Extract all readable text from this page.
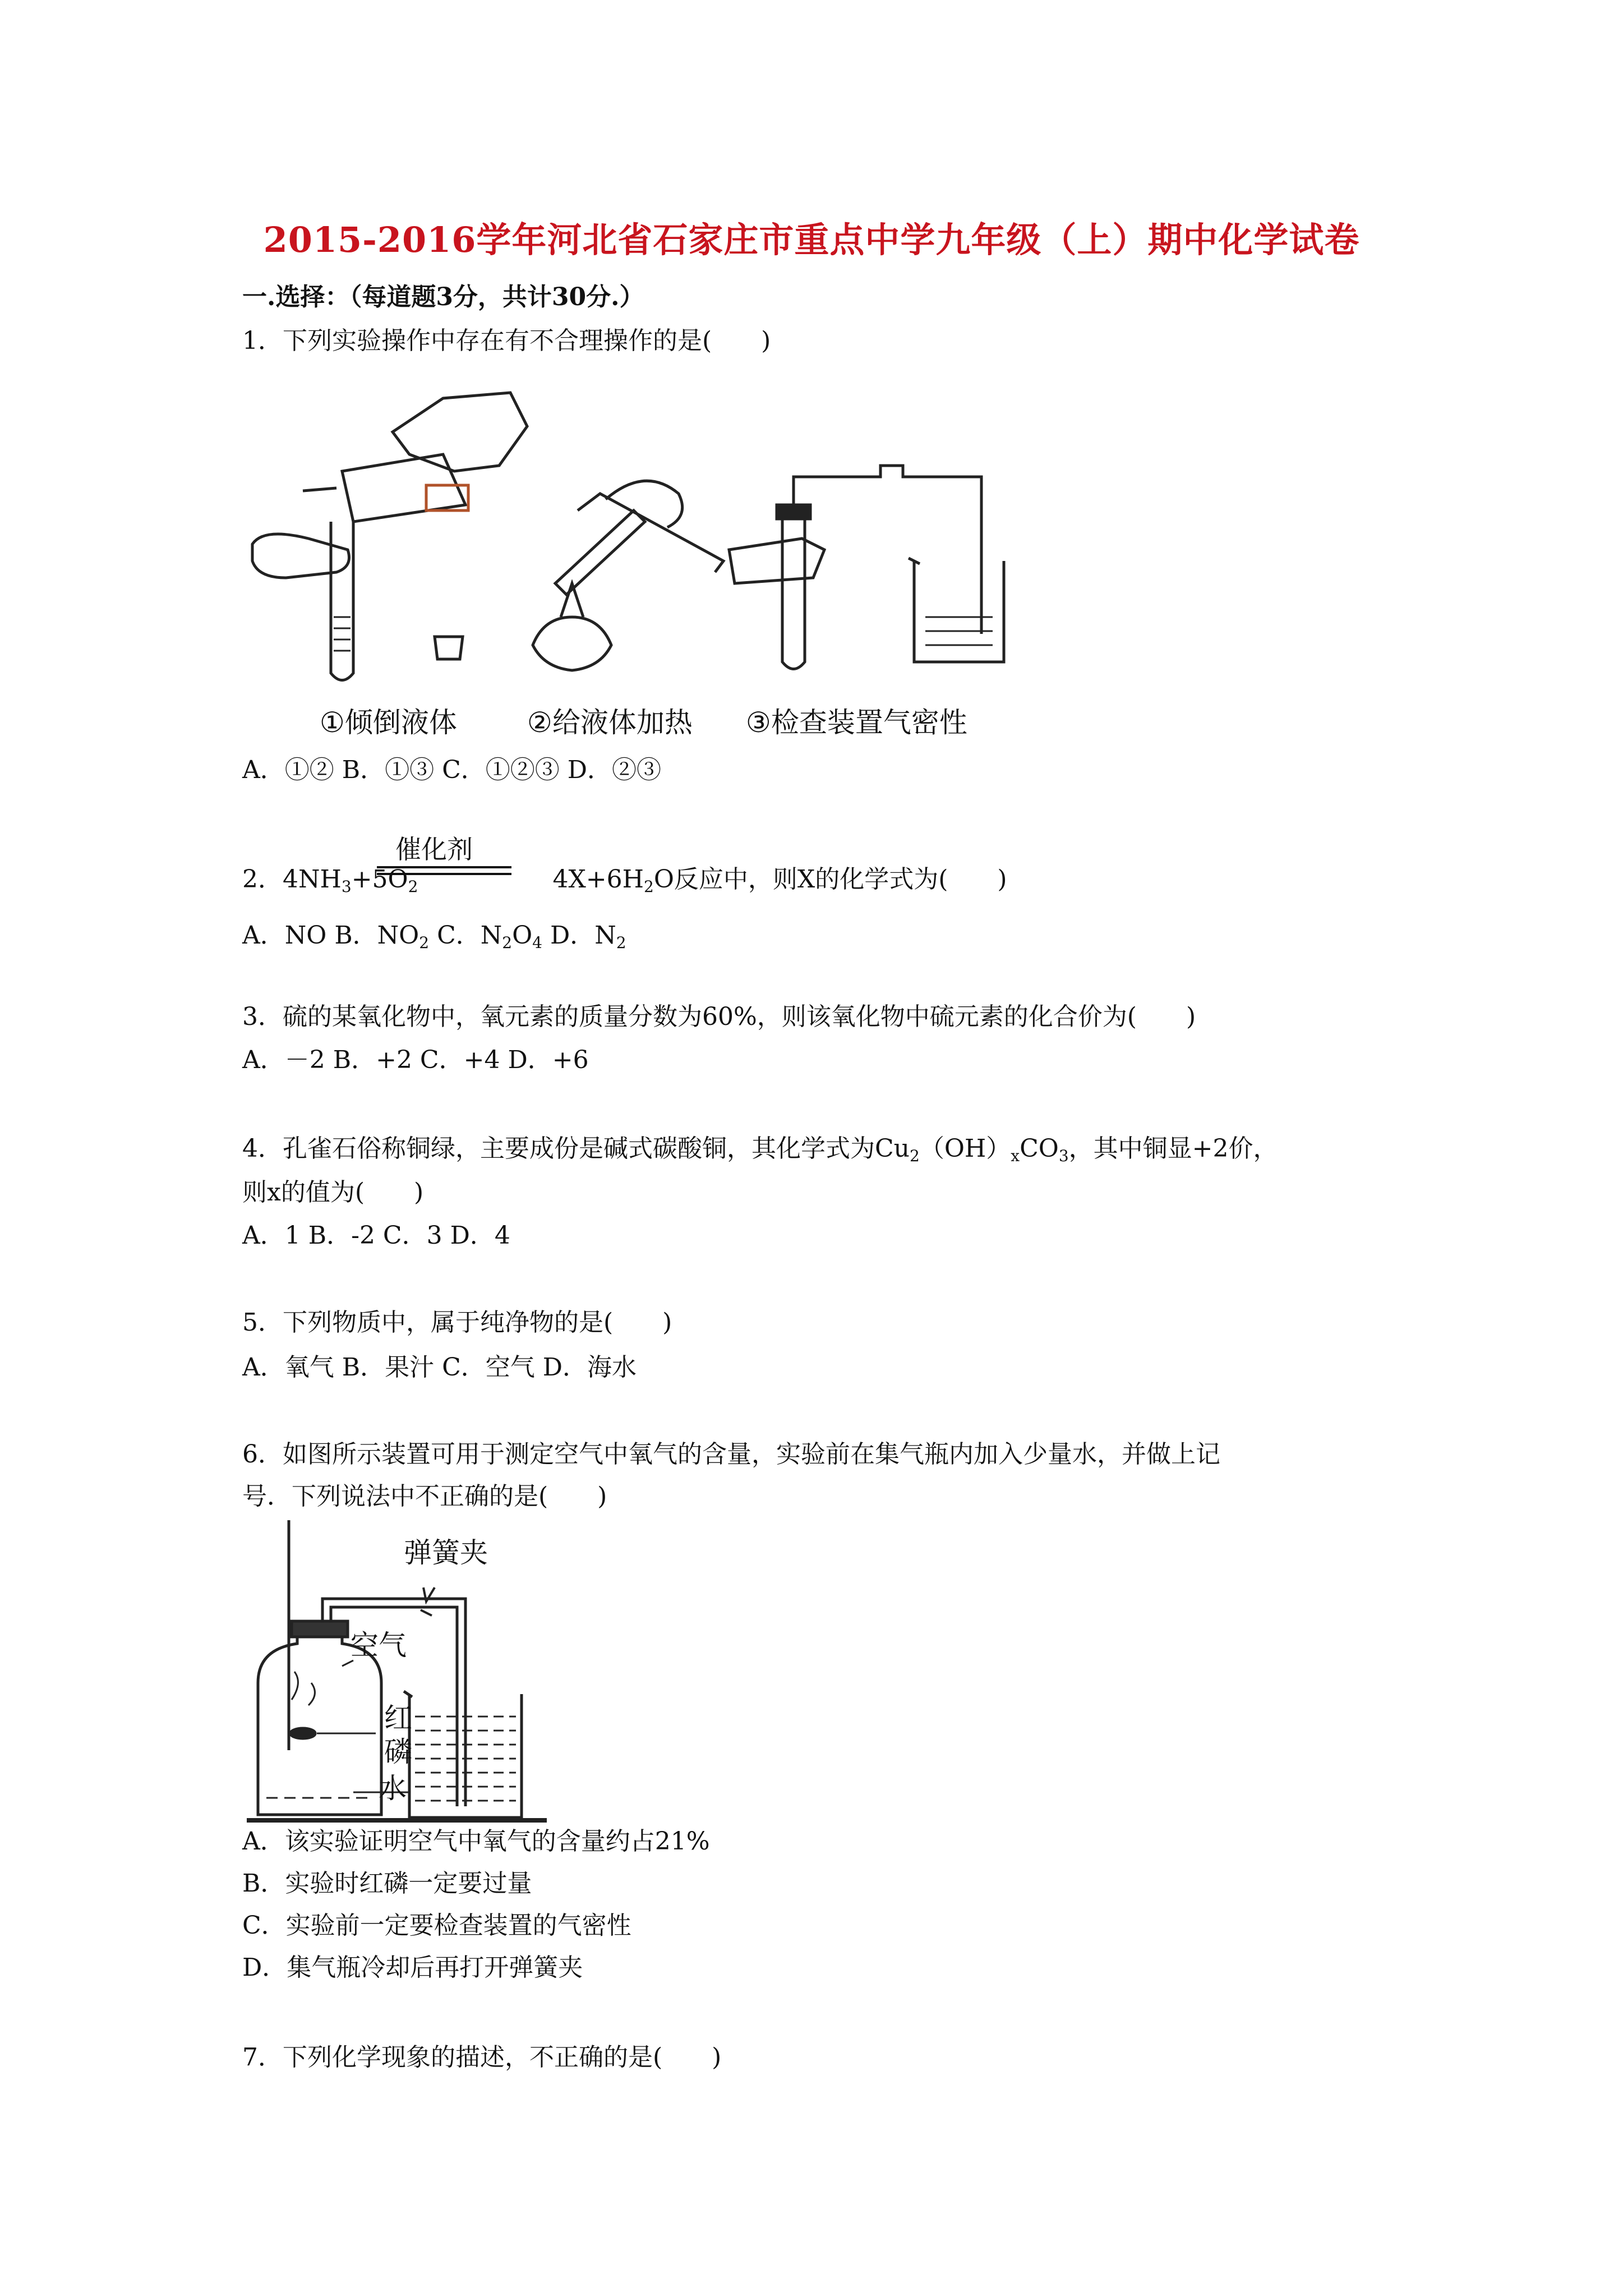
2015-2016学年河北省石家庄市重点中学九年级（上）期中化学试卷
一.选择：（每道题3分，共计30分.）
1．下列实验操作中存在有不合理操作的是(　　)
①倾倒液体	②给液体加热 ③检查装置气密性
A．①② B．①③ C．①②③ D．②③
2．$4NH_3+5O_2$	$4X+6H_2O$反应中，则X的化学式为(　　)
催化剂
A．NO B．$NO_2$ C．$N_2O_4$ D．$N_2$
3．硫的某氧化物中，氧元素的质量分数为60%，则该氧化物中硫元素的化合价为(　　)
A．－2 B．+2 C．+4 D．+6
4．孔雀石俗称铜绿，主要成份是碱式碳酸铜，其化学式为$Cu_2(OH)_xCO_3$，其中铜显+2价，
则x的值为(　　)
A．1 B．-2 C．3 D．4
5．下列物质中，属于纯净物的是(　　)
A．氧气 B．果汁 C．空气 D．海水
6．如图所示装置可用于测定空气中氧气的含量，实验前在集气瓶内加入少量水，并做上记
号．下列说法中不正确的是(　　)
弹簧夹
空气
红
磷
水
A．该实验证明空气中氧气的含量约占21%
B．实验时红磷一定要过量
C．实验前一定要检查装置的气密性
D．集气瓶冷却后再打开弹簧夹
7．下列化学现象的描述，不正确的是(　　)
